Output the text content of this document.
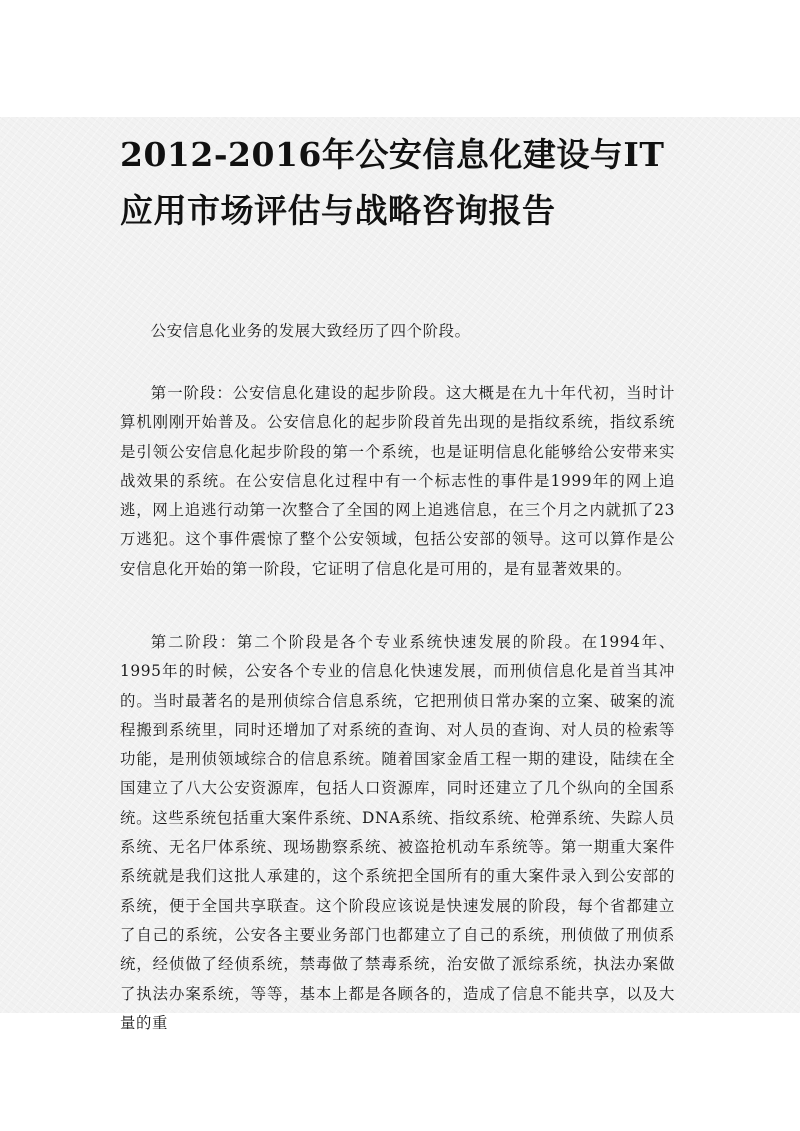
2012-2016年公安信息化建设与IT应用市场评估与战略咨询报告

公安信息化业务的发展大致经历了四个阶段。

第一阶段：公安信息化建设的起步阶段。这大概是在九十年代初，当时计算机刚刚开始普及。公安信息化的起步阶段首先出现的是指纹系统，指纹系统是引领公安信息化起步阶段的第一个系统，也是证明信息化能够给公安带来实战效果的系统。在公安信息化过程中有一个标志性的事件是1999年的网上追逃，网上追逃行动第一次整合了全国的网上追逃信息，在三个月之内就抓了23万逃犯。这个事件震惊了整个公安领域，包括公安部的领导。这可以算作是公安信息化开始的第一阶段，它证明了信息化是可用的，是有显著效果的。

第二阶段：第二个阶段是各个专业系统快速发展的阶段。在1994年、1995年的时候，公安各个专业的信息化快速发展，而刑侦信息化是首当其冲的。当时最著名的是刑侦综合信息系统，它把刑侦日常办案的立案、破案的流程搬到系统里，同时还增加了对系统的查询、对人员的查询、对人员的检索等功能，是刑侦领域综合的信息系统。随着国家金盾工程一期的建设，陆续在全国建立了八大公安资源库，包括人口资源库，同时还建立了几个纵向的全国系统。这些系统包括重大案件系统、DNA系统、指纹系统、枪弹系统、失踪人员系统、无名尸体系统、现场勘察系统、被盗抢机动车系统等。第一期重大案件系统就是我们这批人承建的，这个系统把全国所有的重大案件录入到公安部的系统，便于全国共享联查。这个阶段应该说是快速发展的阶段，每个省都建立了自己的系统，公安各主要业务部门也都建立了自己的系统，刑侦做了刑侦系统，经侦做了经侦系统，禁毒做了禁毒系统，治安做了派综系统，执法办案做了执法办案系统，等等，基本上都是各顾各的，造成了信息不能共享，以及大量的重
